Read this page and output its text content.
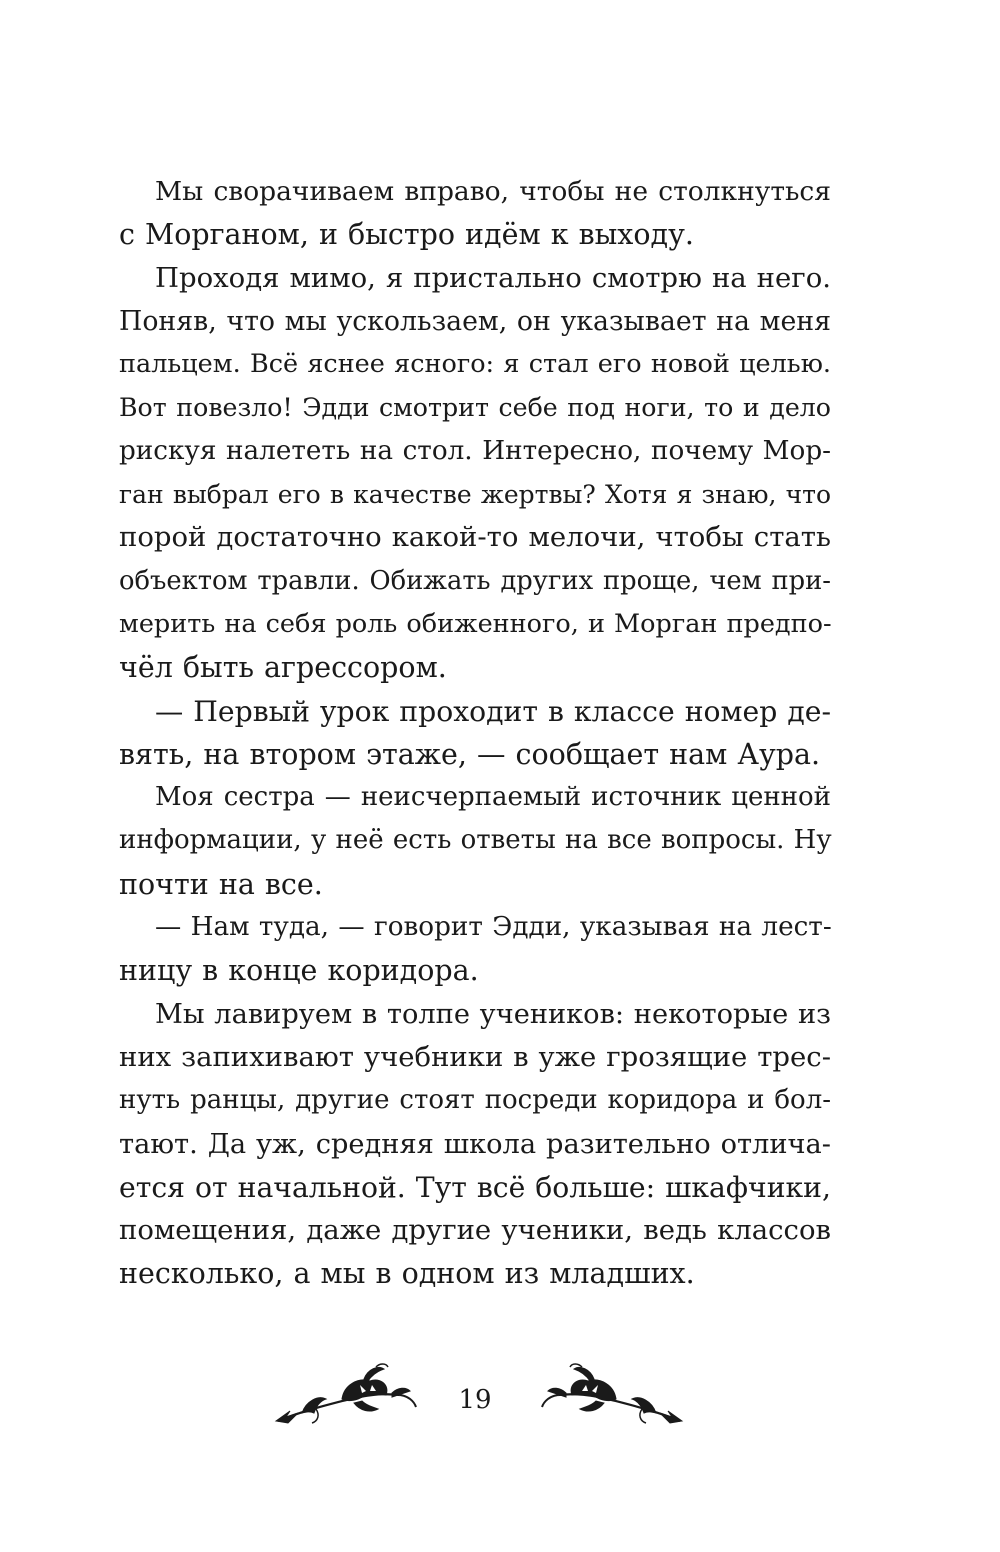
Мы сворачиваем вправо, чтобы не столкнуться
с Морганом, и быстро идём к выходу.
Проходя мимо, я пристально смотрю на него.
Поняв, что мы ускользаем, он указывает на меня
пальцем. Всё яснее ясного: я стал его новой целью.
Вот повезло! Эдди смотрит себе под ноги, то и дело
рискуя налететь на стол. Интересно, почему Мор-
ган выбрал его в качестве жертвы? Хотя я знаю, что
порой достаточно какой-то мелочи, чтобы стать
объектом травли. Обижать других проще, чем при-
мерить на себя роль обиженного, и Морган предпо-
чёл быть агрессором.
— Первый урок проходит в классе номер де-
вять, на втором этаже, — сообщает нам Аура.
Моя сестра — неисчерпаемый источник ценной
информации, у неё есть ответы на все вопросы. Ну
почти на все.
— Нам туда, — говорит Эдди, указывая на лест-
ницу в конце коридора.
Мы лавируем в толпе учеников: некоторые из
них запихивают учебники в уже грозящие трес-
нуть ранцы, другие стоят посреди коридора и бол-
тают. Да уж, средняя школа разительно отлича-
ется от начальной. Тут всё больше: шкафчики,
помещения, даже другие ученики, ведь классов
несколько, а мы в одном из младших.
19
